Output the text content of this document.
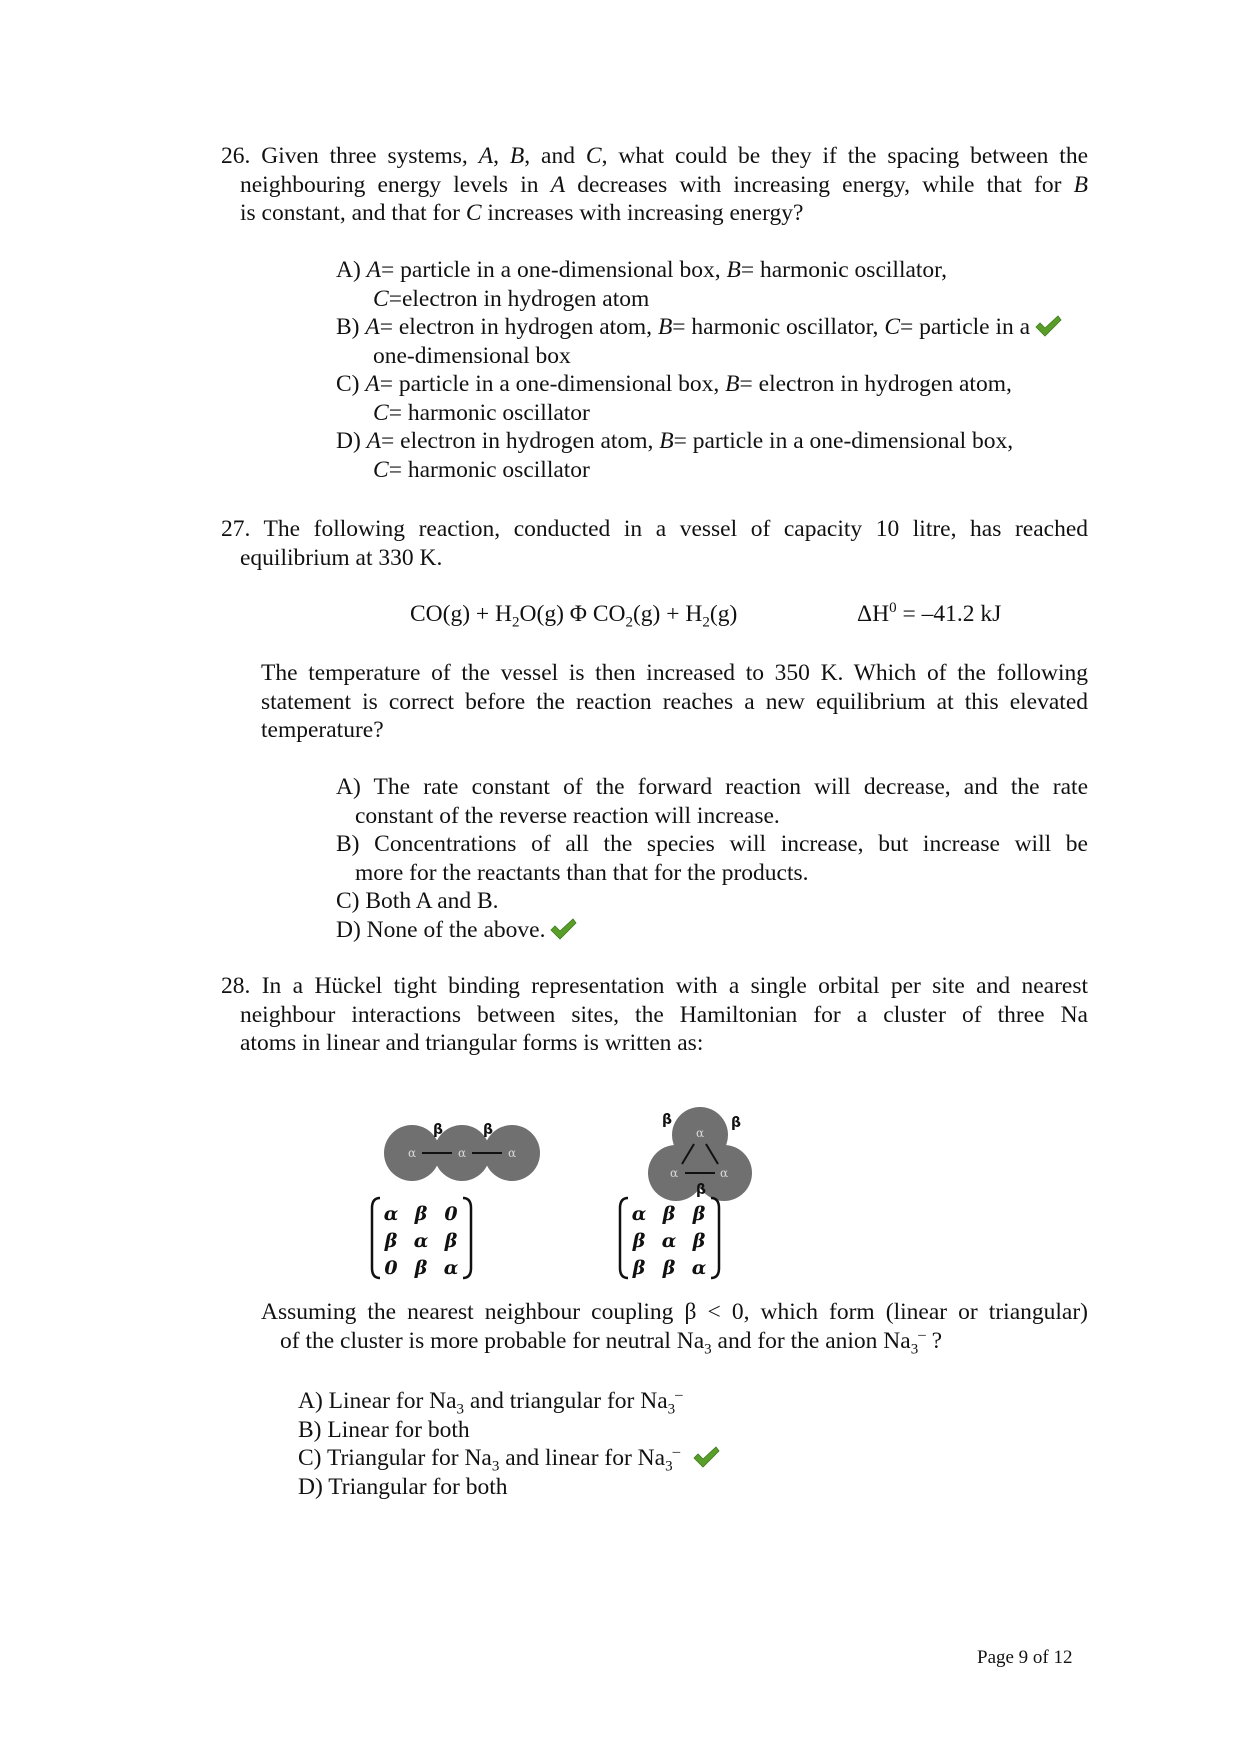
26. Given three systems, A, B, and C, what could be they if the spacing between the
neighbouring energy levels in A decreases with increasing energy, while that for B
is constant, and that for C increases with increasing energy?
A) A= particle in a one-dimensional box, B= harmonic oscillator,
C=electron in hydrogen atom
B) A= electron in hydrogen atom, B= harmonic oscillator, C= particle in a
one-dimensional box
C) A= particle in a one-dimensional box, B= electron in hydrogen atom,
C= harmonic oscillator
D) A= electron in hydrogen atom, B= particle in a one-dimensional box,
C= harmonic oscillator
27. The following reaction, conducted in a vessel of capacity 10 litre, has reached
equilibrium at 330 K.
$CO(g) + H_2O(g)$ Φ $CO_2(g) + H_2(g)$	$\Delta H^0 = -41.2$ kJ
The temperature of the vessel is then increased to 350 K. Which of the following
statement is correct before the reaction reaches a new equilibrium at this elevated
temperature?
A) The rate constant of the forward reaction will decrease, and the rate
constant of the reverse reaction will increase.
B) Concentrations of all the species will increase, but increase will be
more for the reactants than that for the products.
C) Both A and B.
D) None of the above.
28. In a Hückel tight binding representation with a single orbital per site and nearest
neighbour interactions between sites, the Hamiltonian for a cluster of three Na
atoms in linear and triangular forms is written as:
α	α	α
β	β	α
α	α
β	β
β
α β 0
β α β
0 β α
α β β
β α β
β β α
Assuming the nearest neighbour coupling β < 0, which form (linear or triangular)
of the cluster is more probable for neutral $Na_3$ and for the anion $Na_3^-$ ?
A) Linear for $Na_3$ and triangular for $Na_3^-$
B) Linear for both
C) Triangular for $Na_3$ and linear for $Na_3^-$
D) Triangular for both
Page 9 of 12
